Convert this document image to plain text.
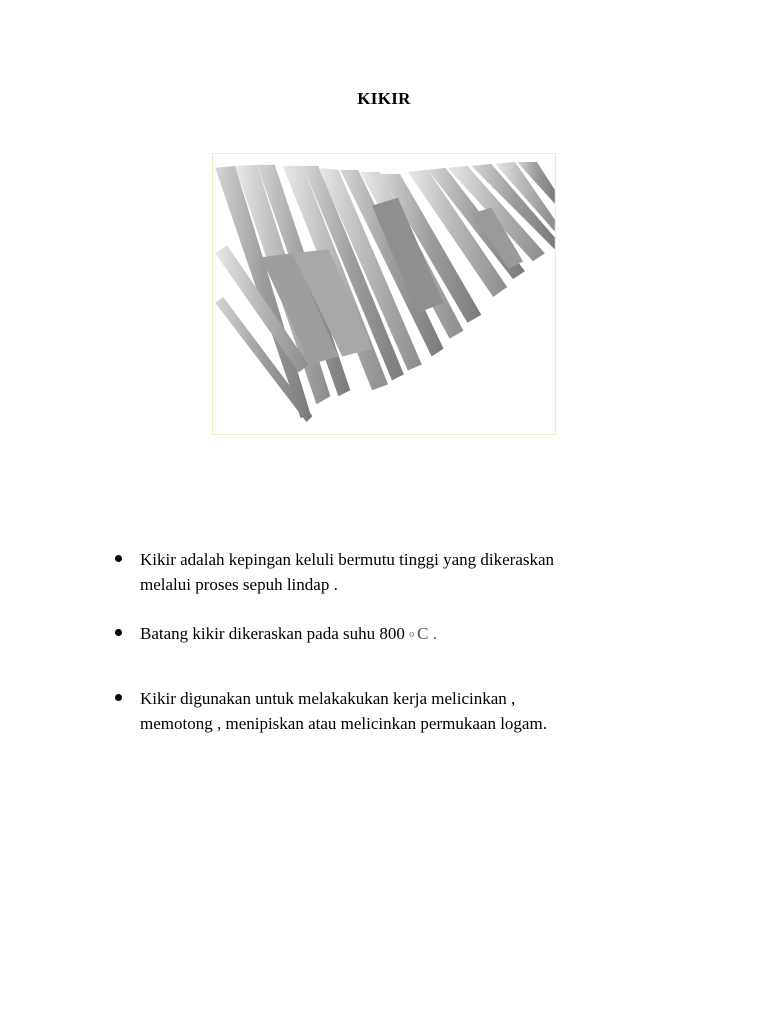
KIKIR
Kikir adalah kepingan keluli bermutu tinggi yang dikeraskan
melalui proses sepuh lindap .
Batang kikir dikeraskan pada suhu 800 o C .
Kikir digunakan untuk melakakukan kerja melicinkan ,
memotong , menipiskan atau melicinkan permukaan logam.
